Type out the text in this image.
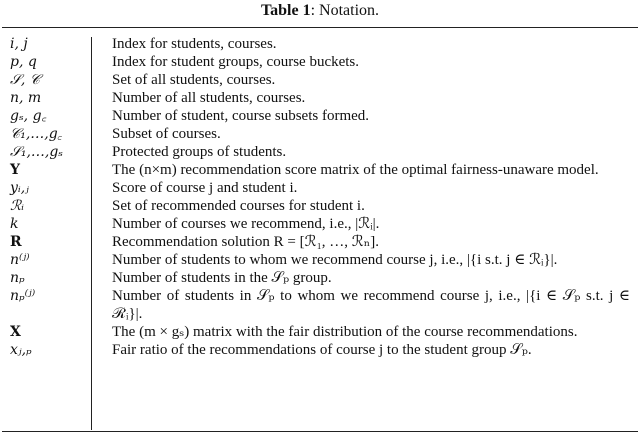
Table 1: Notation.
i, j	Index for students, courses.
p, q	Index for student groups, course buckets.
𝒮, 𝒞	Set of all students, courses.
n, m	Number of all students, courses.
gₛ, g꜀	Number of student, course subsets formed.
𝒞₁,…,g꜀	Subset of courses.
𝒮₁,…,gₛ	Protected groups of students.
Y	The (n×m) recommendation score matrix of the optimal fairness-unaware model.
yᵢ,ⱼ	Score of course j and student i.
ℛᵢ	Set of recommended courses for student i.
k	Number of courses we recommend, i.e., |ℛᵢ|.
R	Recommendation solution R = [ℛ₁, …, ℛₙ].
n⁽ʲ⁾	Number of students to whom we recommend course j, i.e., |{i s.t. j ∈ ℛᵢ}|.
nₚ	Number of students in the 𝒮ₚ group.
nₚ⁽ʲ⁾	Number of students in 𝒮ₚ to whom we recommend course j, i.e., |{i ∈ 𝒮ₚ s.t. j ∈ ℛᵢ}|.
X	The (m × gₛ) matrix with the fair distribution of the course recommendations.
xⱼ,ₚ	Fair ratio of the recommendations of course j to the student group 𝒮ₚ.
